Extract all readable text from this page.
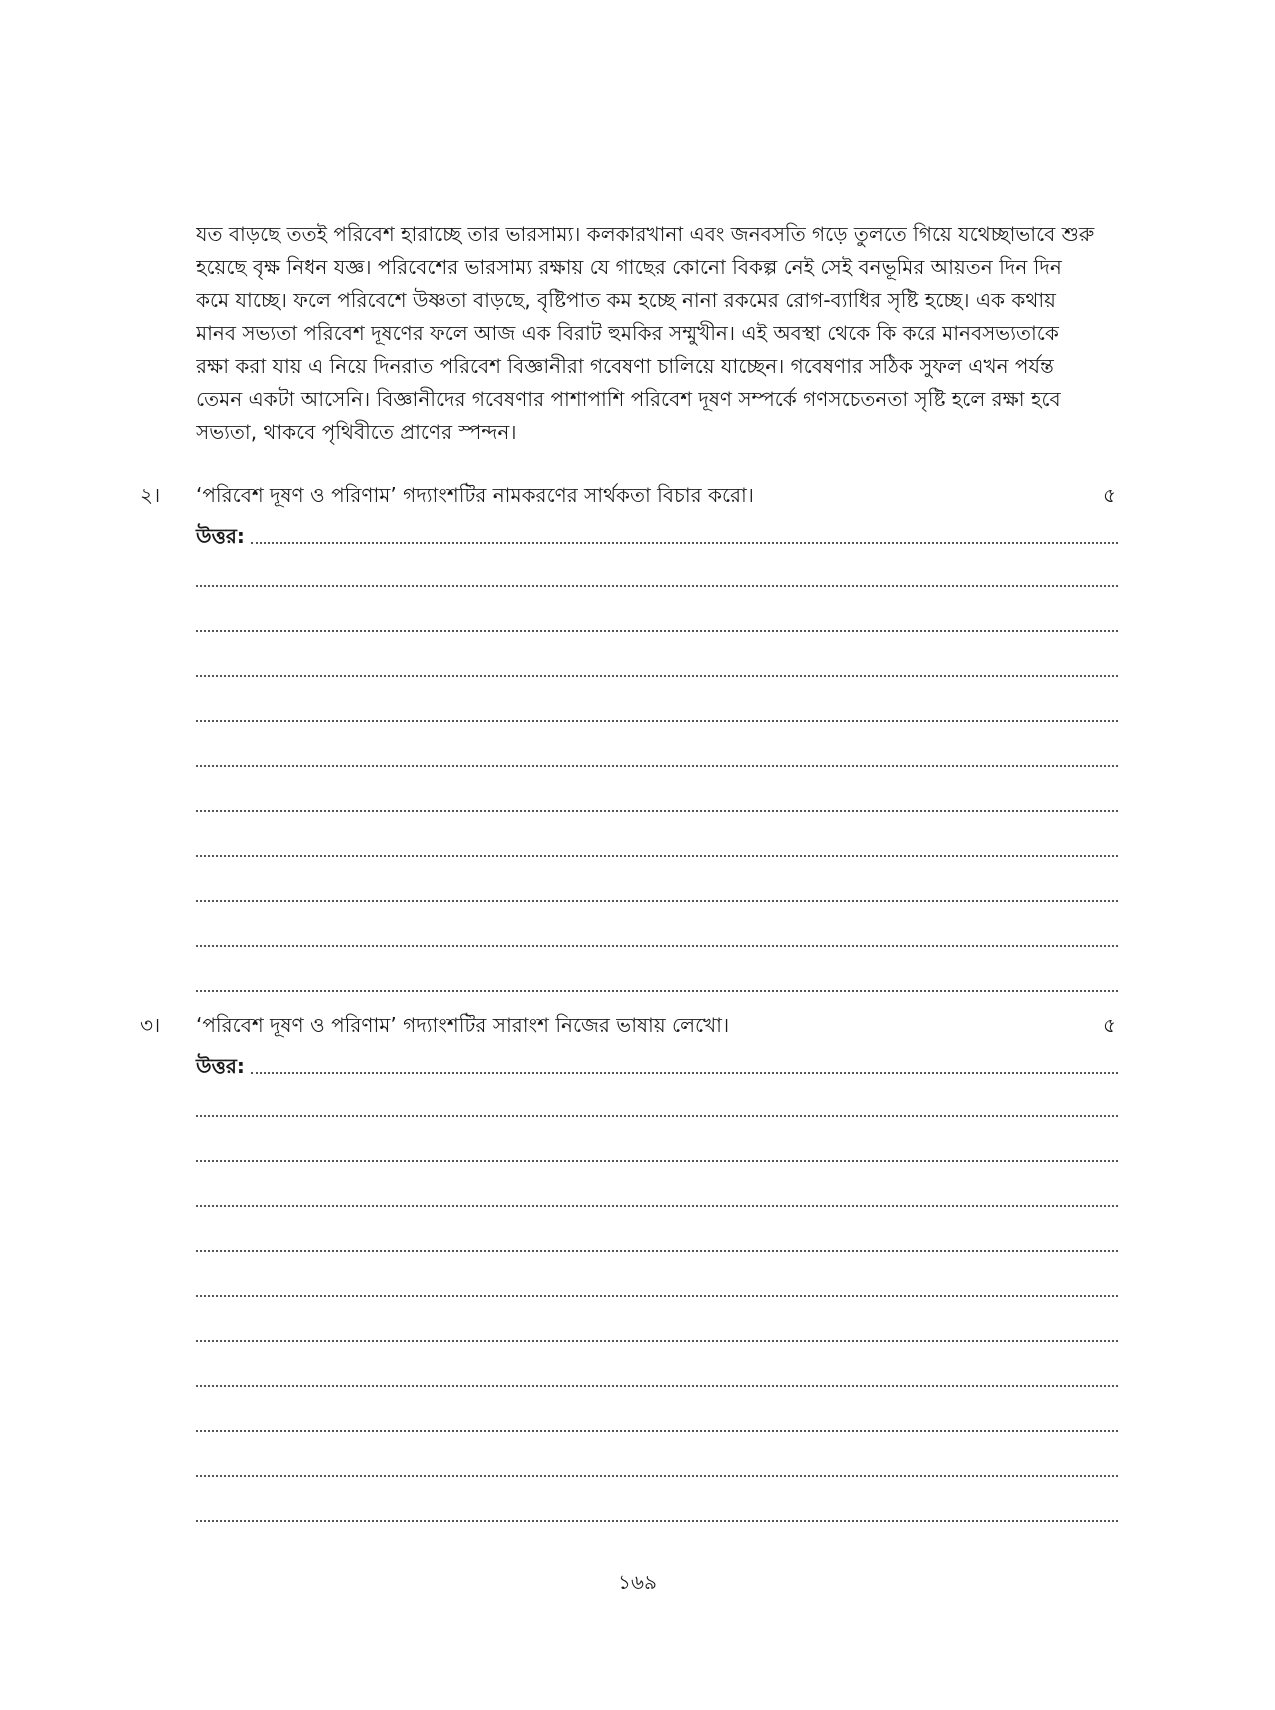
যত বাড়ছে ততই পরিবেশ হারাচ্ছে তার ভারসাম্য। কলকারখানা এবং জনবসতি গড়ে তুলতে গিয়ে যথেচ্ছাভাবে শুরু
হয়েছে বৃক্ষ নিধন যজ্ঞ। পরিবেশের ভারসাম্য রক্ষায় যে গাছের কোনো বিকল্প নেই সেই বনভূমির আয়তন দিন দিন
কমে যাচ্ছে। ফলে পরিবেশে উষ্ণতা বাড়ছে, বৃষ্টিপাত কম হচ্ছে নানা রকমের রোগ-ব্যাধির সৃষ্টি হচ্ছে। এক কথায়
মানব সভ্যতা পরিবেশ দূষণের ফলে আজ এক বিরাট হুমকির সম্মুখীন। এই অবস্থা থেকে কি করে মানবসভ্যতাকে
রক্ষা করা যায় এ নিয়ে দিনরাত পরিবেশ বিজ্ঞানীরা গবেষণা চালিয়ে যাচ্ছেন। গবেষণার সঠিক সুফল এখন পর্যন্ত
তেমন একটা আসেনি। বিজ্ঞানীদের গবেষণার পাশাপাশি পরিবেশ দূষণ সম্পর্কে গণসচেতনতা সৃষ্টি হলে রক্ষা হবে
সভ্যতা, থাকবে পৃথিবীতে প্রাণের স্পন্দন।
২। ‘পরিবেশ দূষণ ও পরিণাম’ গদ্যাংশটির নামকরণের সার্থকতা বিচার করো।	৫
উত্তর:
৩। ‘পরিবেশ দূষণ ও পরিণাম’ গদ্যাংশটির সারাংশ নিজের ভাষায় লেখো।	৫
উত্তর:
১৬৯
